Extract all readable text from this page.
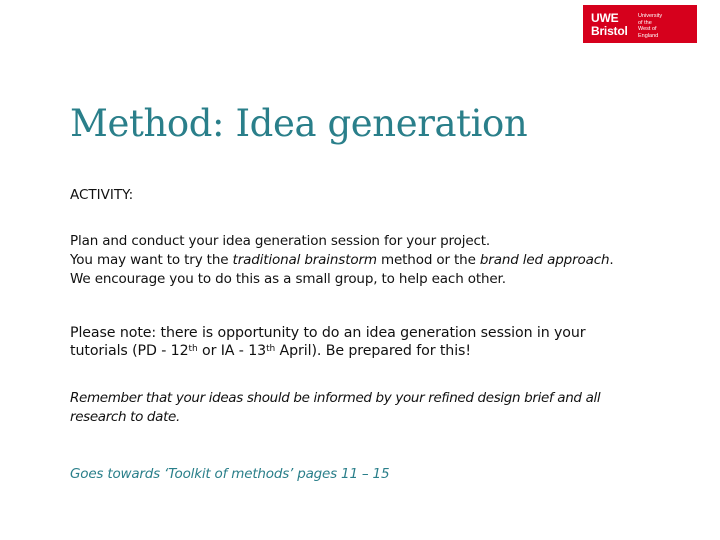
UWE
Bristol
University
of the
West of
England
Method: Idea generation

ACTIVITY:

Plan and conduct your idea generation session for your project.
You may want to try the traditional brainstorm method or the brand led approach.
We encourage you to do this as a small group, to help each other.
Please note: there is opportunity to do an idea generation session in your
tutorials (PD - 12th or IA - 13th April). Be prepared for this!
Remember that your ideas should be informed by your refined design brief and all
research to date.

Goes towards ‘Toolkit of methods’ pages 11 – 15
